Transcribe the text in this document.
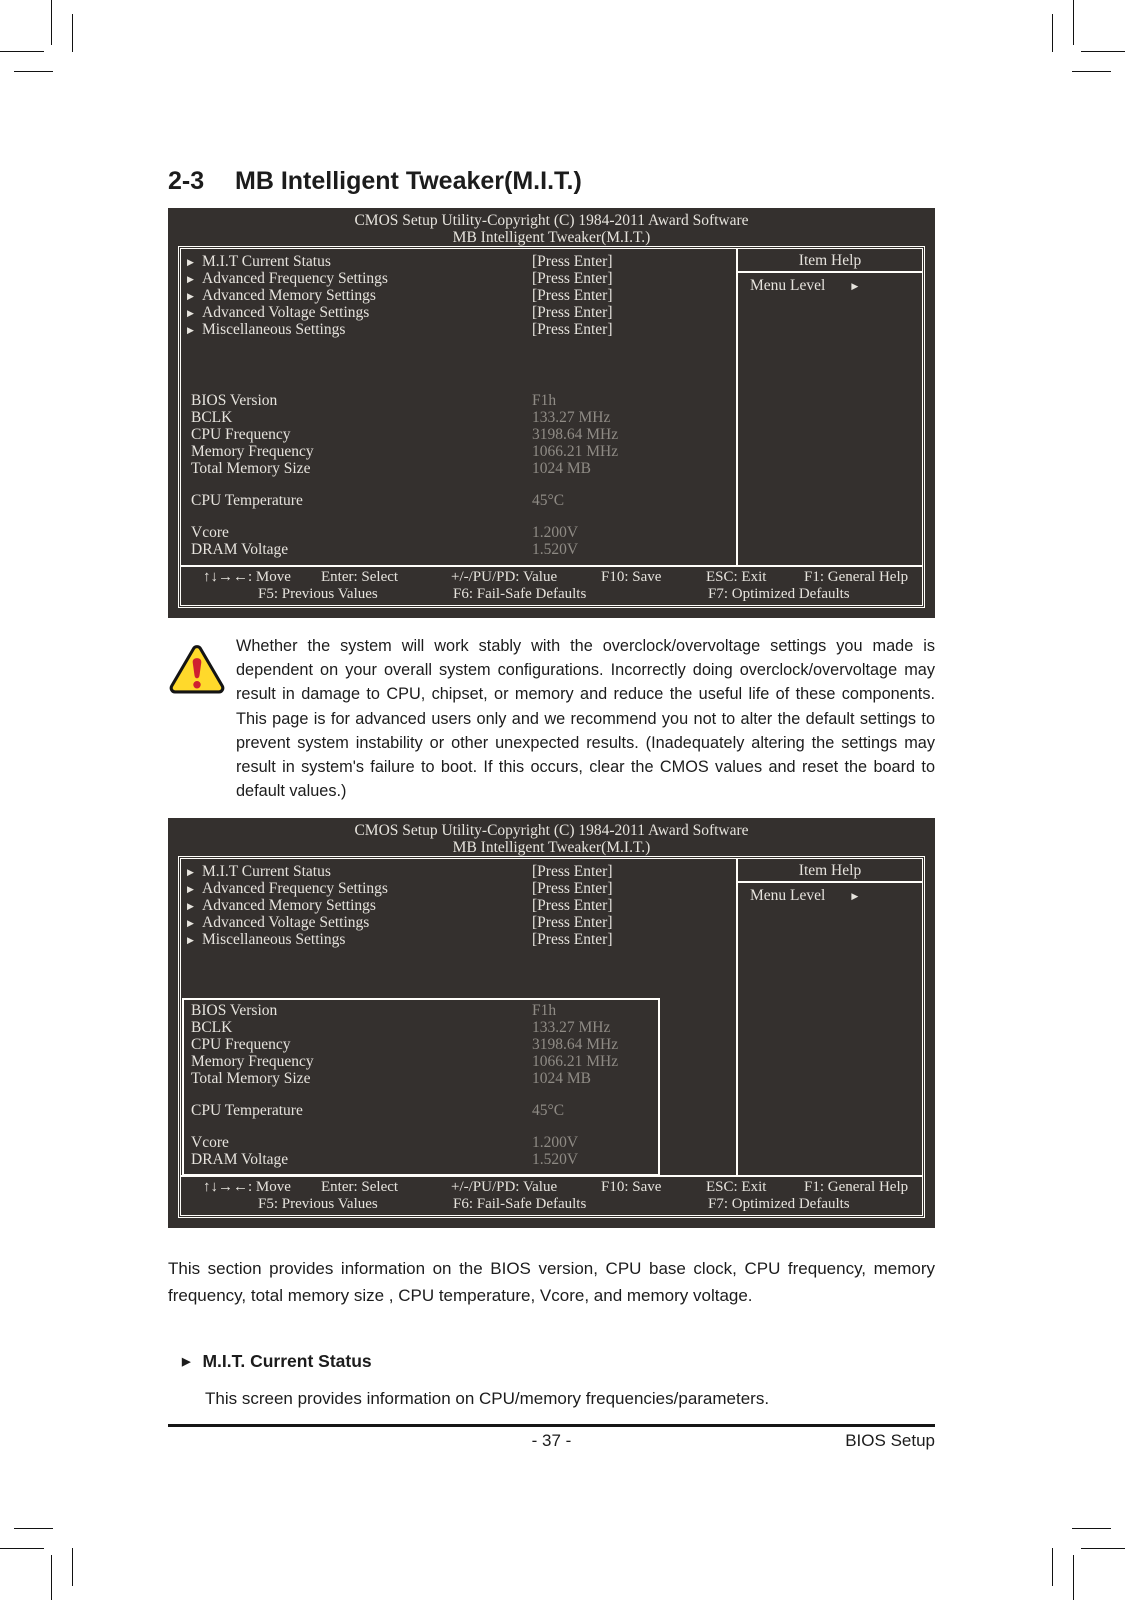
2-3 MB Intelligent Tweaker(M.I.T.)
CMOS Setup Utility-Copyright (C) 1984-2011 Award Software
MB Intelligent Tweaker(M.I.T.)
▶ M.I.T Current Status	[Press Enter]
▶ Advanced Frequency Settings	[Press Enter]
▶ Advanced Memory Settings	[Press Enter]
▶ Advanced Voltage Settings	[Press Enter]
▶ Miscellaneous Settings	[Press Enter]
BIOS Version	F1h
BCLK	133.27 MHz
CPU Frequency	3198.64 MHz
Memory Frequency	1066.21 MHz
Total Memory Size	1024 MB
CPU Temperature	45°C
Vcore	1.200V
DRAM Voltage	1.520V
Item Help
Menu Level	▶
↑↓→←: Move Enter: Select	+/-/PU/PD: Value	F10: Save	ESC: Exit	F1: General Help
F5: Previous Values	F6: Fail-Safe Defaults	F7: Optimized Defaults
Whether the system will work stably with the overclock/overvoltage settings you made is dependent on your overall system configurations. Incorrectly doing overclock/overvoltage may result in damage to CPU, chipset, or memory and reduce the useful life of these components. This page is for advanced users only and we recommend you not to alter the default settings to prevent system instability or other unexpected results. (Inadequately altering the settings may result in system's failure to boot. If this occurs, clear the CMOS values and reset the board to default values.)
CMOS Setup Utility-Copyright (C) 1984-2011 Award Software
MB Intelligent Tweaker(M.I.T.)
▶ M.I.T Current Status	[Press Enter]
▶ Advanced Frequency Settings	[Press Enter]
▶ Advanced Memory Settings	[Press Enter]
▶ Advanced Voltage Settings	[Press Enter]
▶ Miscellaneous Settings	[Press Enter]
BIOS Version	F1h
BCLK	133.27 MHz
CPU Frequency	3198.64 MHz
Memory Frequency	1066.21 MHz
Total Memory Size	1024 MB
CPU Temperature	45°C
Vcore	1.200V
DRAM Voltage	1.520V
Item Help
Menu Level	▶
↑↓→←: Move Enter: Select	+/-/PU/PD: Value	F10: Save	ESC: Exit	F1: General Help
F5: Previous Values	F6: Fail-Safe Defaults	F7: Optimized Defaults

This section provides information on the BIOS version, CPU base clock, CPU frequency, memory frequency, total memory size , CPU temperature, Vcore, and memory voltage.

▶ M.I.T. Current Status

This screen provides information on CPU/memory frequencies/parameters.

- 37 -	BIOS Setup
